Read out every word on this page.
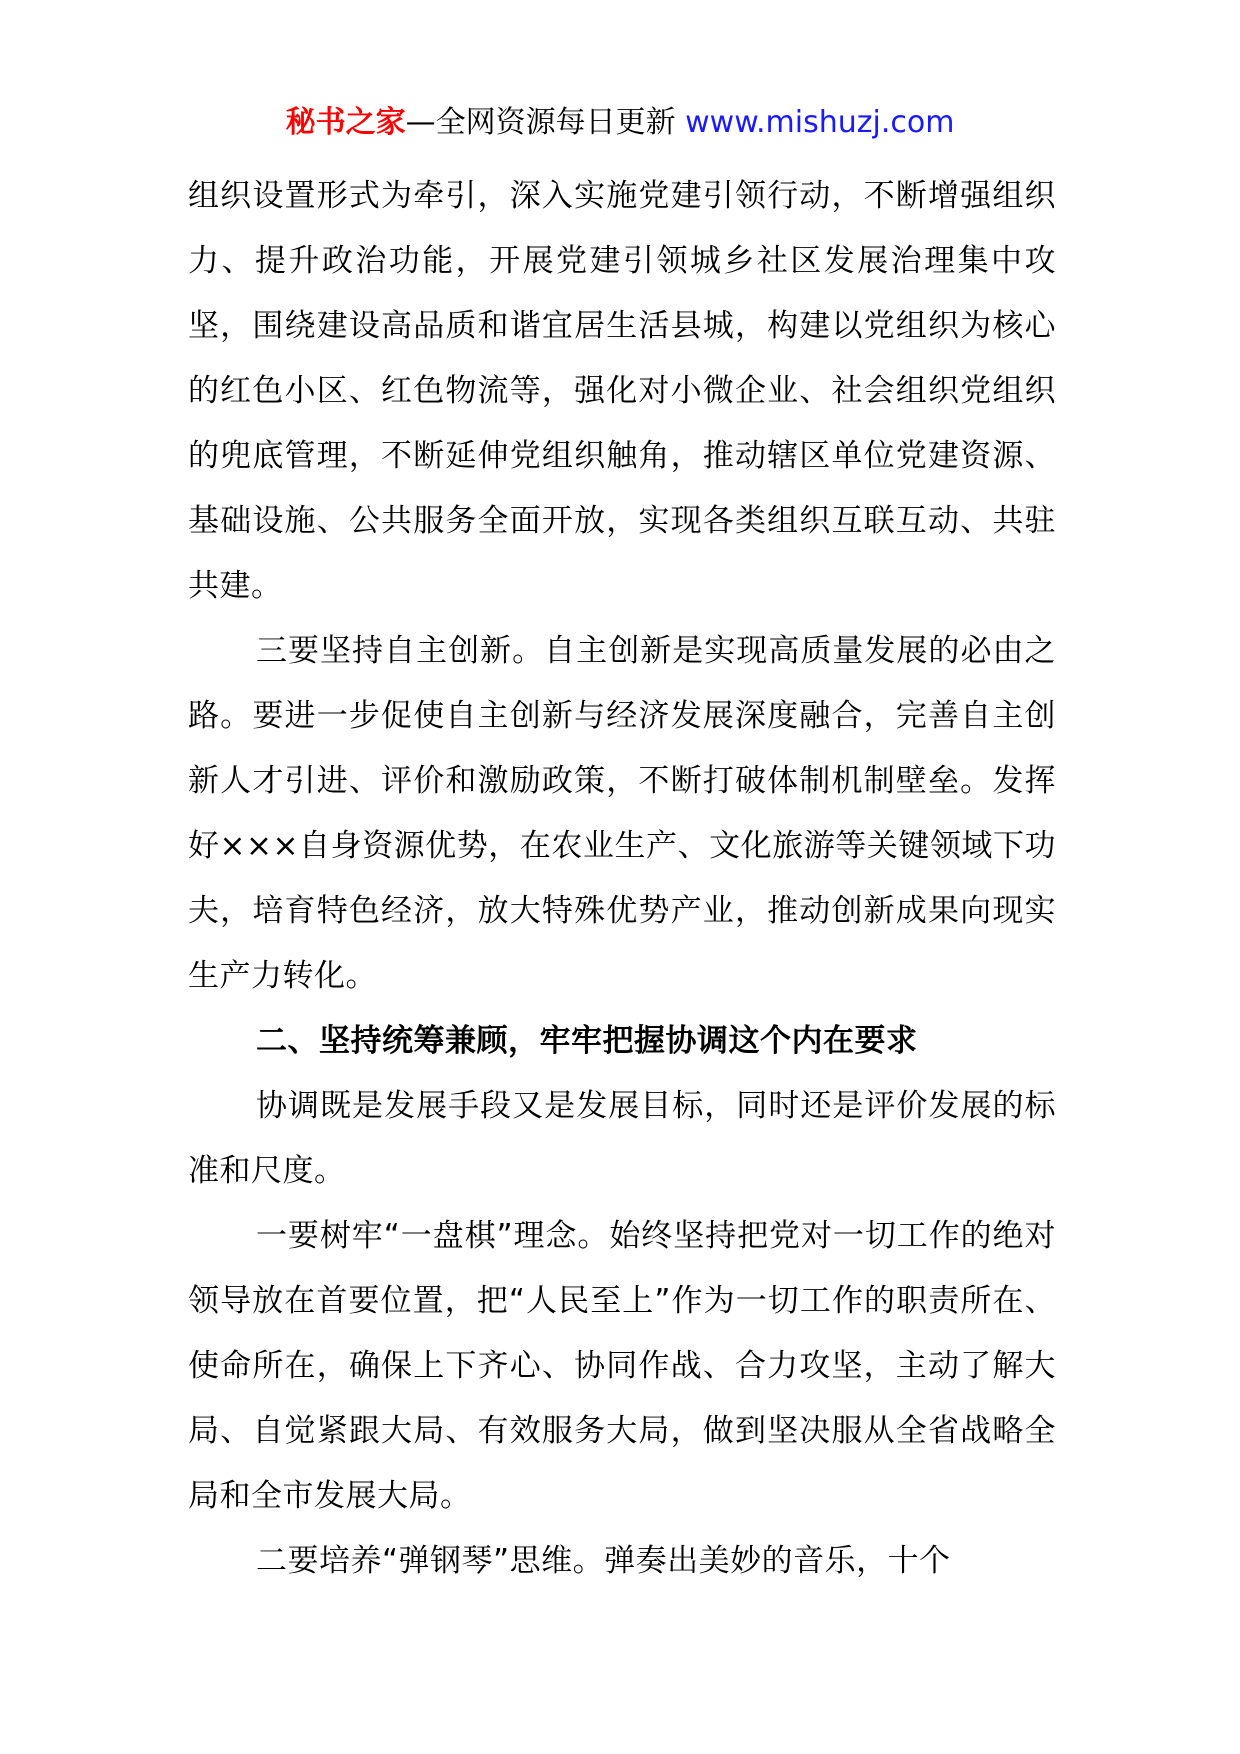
秘书之家—全网资源每日更新 www.mishuzj.com

组织设置形式为牵引，深入实施党建引领行动，不断增强组织力、提升政治功能，开展党建引领城乡社区发展治理集中攻坚，围绕建设高品质和谐宜居生活县城，构建以党组织为核心的红色小区、红色物流等，强化对小微企业、社会组织党组织的兜底管理，不断延伸党组织触角，推动辖区单位党建资源、基础设施、公共服务全面开放，实现各类组织互联互动、共驻共建。

三要坚持自主创新。自主创新是实现高质量发展的必由之路。要进一步促使自主创新与经济发展深度融合，完善自主创新人才引进、评价和激励政策，不断打破体制机制壁垒。发挥好×××自身资源优势，在农业生产、文化旅游等关键领域下功夫，培育特色经济，放大特殊优势产业，推动创新成果向现实生产力转化。

二、坚持统筹兼顾，牢牢把握协调这个内在要求

协调既是发展手段又是发展目标，同时还是评价发展的标准和尺度。

一要树牢“一盘棋”理念。始终坚持把党对一切工作的绝对领导放在首要位置，把“人民至上”作为一切工作的职责所在、使命所在，确保上下齐心、协同作战、合力攻坚，主动了解大局、自觉紧跟大局、有效服务大局，做到坚决服从全省战略全局和全市发展大局。

二要培养“弹钢琴”思维。弹奏出美妙的音乐，十个
